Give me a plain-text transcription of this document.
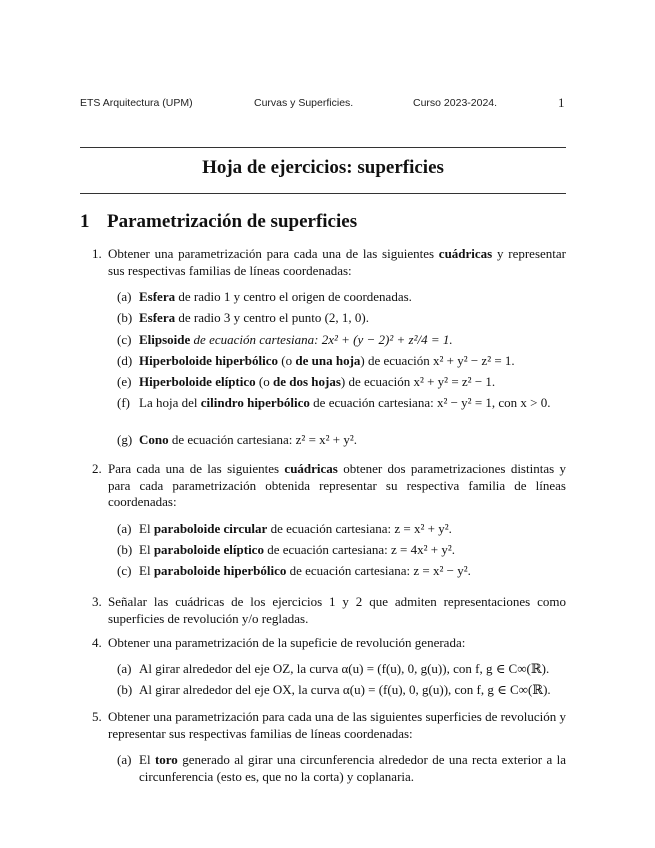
ETS Arquitectura (UPM)	Curvas y Superficies.	Curso 2023-2024.	1
Hoja de ejercicios: superficies
1 Parametrización de superficies
1. Obtener una parametrización para cada una de las siguientes cuádricas y representar sus respectivas familias de líneas coordenadas:
(a) Esfera de radio 1 y centro el origen de coordenadas.
(b) Esfera de radio 3 y centro el punto (2, 1, 0).
(c) Elipsoide de ecuación cartesiana: 2x² + (y − 2)² + z²/4 = 1.
(d) Hiperboloide hiperbólico (o de una hoja) de ecuación x² + y² − z² = 1.
(e) Hiperboloide elíptico (o de dos hojas) de ecuación x² + y² = z² − 1.
(f) La hoja del cilindro hiperbólico de ecuación cartesiana: x² − y² = 1, con x > 0.
(g) Cono de ecuación cartesiana: z² = x² + y².
2. Para cada una de las siguientes cuádricas obtener dos parametrizaciones distintas y para cada parametrización obtenida representar su respectiva familia de líneas coordenadas:
(a) El paraboloide circular de ecuación cartesiana: z = x² + y².
(b) El paraboloide elíptico de ecuación cartesiana: z = 4x² + y².
(c) El paraboloide hiperbólico de ecuación cartesiana: z = x² − y².
3. Señalar las cuádricas de los ejercicios 1 y 2 que admiten representaciones como superficies de revolución y/o regladas.
4. Obtener una parametrización de la supeficie de revolución generada:
(a) Al girar alrededor del eje OZ, la curva α(u) = (f(u), 0, g(u)), con f, g ∈ C∞(ℝ).
(b) Al girar alrededor del eje OX, la curva α(u) = (f(u), 0, g(u)), con f, g ∈ C∞(ℝ).
5. Obtener una parametrización para cada una de las siguientes superficies de revolución y representar sus respectivas familias de líneas coordenadas:
(a) El toro generado al girar una circunferencia alrededor de una recta exterior a la circunferencia (esto es, que no la corta) y coplanaria.
